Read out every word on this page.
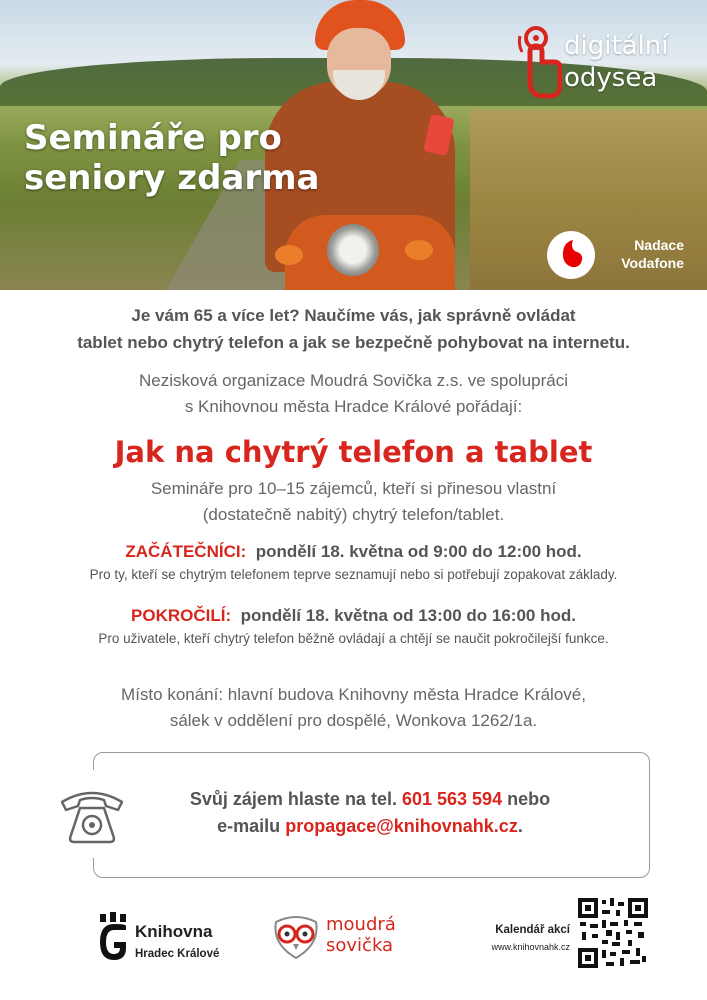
Semináře pro
seniory zdarma
digitální
odysea
Nadace
Vodafone
Je vám 65 a více let? Naučíme vás, jak správně ovládat
tablet nebo chytrý telefon a jak se bezpečně pohybovat na internetu.
Nezisková organizace Moudrá Sovička z.s. ve spolupráci
s Knihovnou města Hradce Králové pořádají:
Jak na chytrý telefon a tablet
Semináře pro 10–15 zájemců, kteří si přinesou vlastní
(dostatečně nabitý) chytrý telefon/tablet.
ZAČÁTEČNÍCI: pondělí 18. května od 9:00 do 12:00 hod.
Pro ty, kteří se chytrým telefonem teprve seznamují nebo si potřebují zopakovat základy.
POKROČILÍ: pondělí 18. května od 13:00 do 16:00 hod.
Pro uživatele, kteří chytrý telefon běžně ovládají a chtějí se naučit pokročilejší funkce.
Místo konání: hlavní budova Knihovny města Hradce Králové,
sálek v oddělení pro dospělé, Wonkova 1262/1a.
Svůj zájem hlaste na tel. 601 563 594 nebo
e-mailu propagace@knihovnahk.cz.
Knihovna
Hradec Králové
moudrá
sovička
Kalendář akcí
www.knihovnahk.cz
